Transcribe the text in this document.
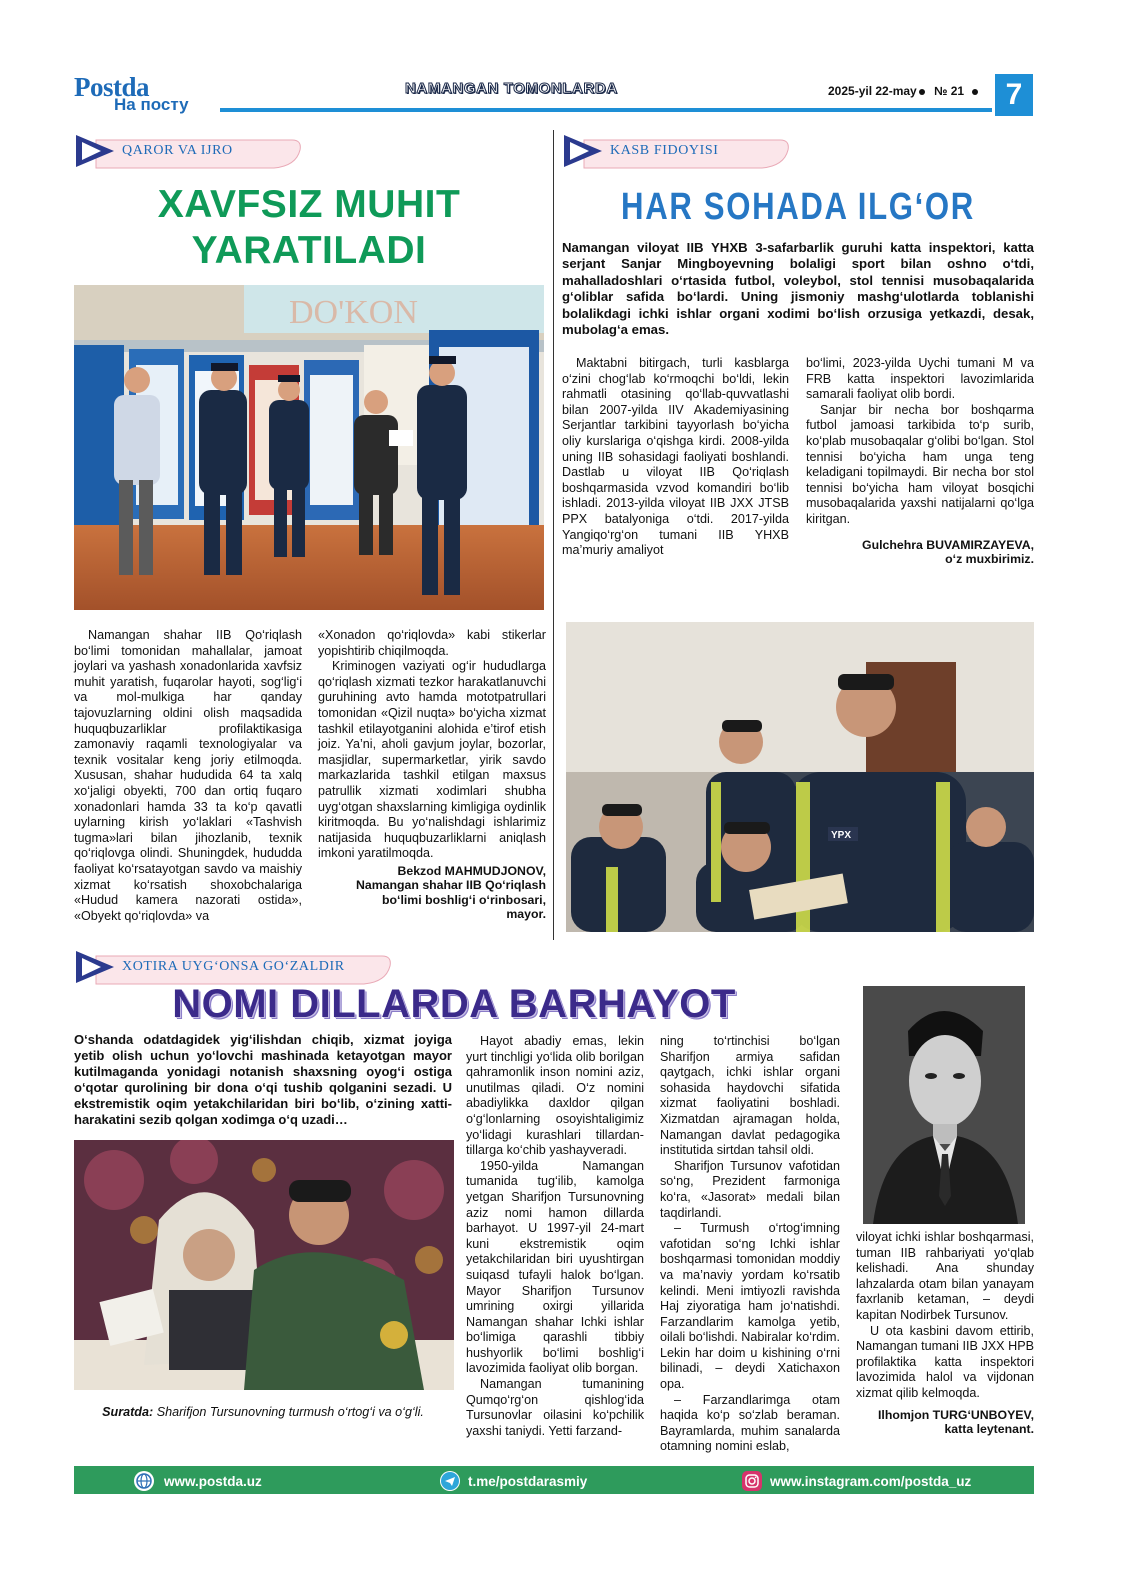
Postda
На посту
NAMANGAN TOMONLARDA	2025-yil 22-may № 21	7
QAROR VA IJRO
XAVFSIZ MUHIT
YARATILADI
DO'KON

Namangan shahar IIB Qo‘riqlash bo‘limi tomonidan mahallalar, jamoat joylari va yashash xonadonlarida xavfsiz muhit yaratish, fuqarolar hayoti, sog‘lig‘i va mol-mulkiga har qanday tajovuzlarning oldini olish maqsadida huquqbuzarliklar profilaktikasiga zamonaviy raqamli texnologiyalar va texnik vositalar keng joriy etilmoqda. Xususan, shahar hududida 64 ta xalq xo‘jaligi obyekti, 700 dan ortiq fuqaro xonadonlari hamda 33 ta ko‘p qavatli uylarning kirish yo‘laklari «Tashvish tugma»lari bilan jihozlanib, texnik qo‘riqlovga olindi. Shuningdek, hududda faoliyat ko‘rsatayotgan savdo va maishiy xizmat ko‘rsatish shoxobchalariga «Hudud kamera nazorati ostida», «Obyekt qo‘riqlovda» va

«Xonadon qo‘riqlovda» kabi stikerlar yopishtirib chiqilmoqda.

Kriminogen vaziyati og‘ir hududlarga qo‘riqlash xizmati tezkor harakatlanuvchi guruhining avto hamda mototpatrullari tomonidan «Qizil nuqta» bo‘yicha xizmat tashkil etilayotganini alohida e’tirof etish joiz. Ya’ni, aholi gavjum joylar, bozorlar, masjidlar, supermarketlar, yirik savdo markazlarida tashkil etilgan maxsus patrullik xizmati xodimlari shubha uyg‘otgan shaxslarning kimligiga oydinlik kiritmoqda. Bu yo‘nalishdagi ishlarimiz natijasida huquqbuzarliklarni aniqlash imkoni yaratilmoqda.

Bekzod MAHMUDJONOV,
Namangan shahar IIB Qo‘riqlash
bo‘limi boshlig‘i o‘rinbosari,
mayor.
KASB FIDOYISI
HAR SOHADA ILG‘OR
Namangan viloyat IIB YHXB 3-safarbarlik guruhi katta inspektori, katta serjant Sanjar Mingboyevning bolaligi sport bilan oshno o‘tdi, mahalladoshlari o‘rtasida futbol, voleybol, stol tennisi musobaqalarida g‘oliblar safida bo‘lardi. Uning jismoniy mashg‘ulotlarda toblanishi bolalikdagi ichki ishlar organi xodimi bo‘lish orzusiga yetkazdi, desak, mubolag‘a emas.

Maktabni bitirgach, turli kasblarga o‘zini chog‘lab ko‘rmoqchi bo‘ldi, lekin rahmatli otasining qo‘llab-quvvatlashi bilan 2007-yilda IIV Akademiyasining Serjantlar tarkibini tayyorlash bo‘yicha oliy kurslariga o‘qishga kirdi. 2008-yilda uning IIB sohasidagi faoliyati boshlandi. Dastlab u viloyat IIB Qo‘riqlash boshqarmasida vzvod komandiri bo‘lib ishladi. 2013-yilda viloyat IIB JXX JTSB PPX batalyoniga o‘tdi. 2017-yilda Yangiqo‘rg‘on tumani IIB YHXB ma’muriy amaliyot

bo‘limi, 2023-yilda Uychi tumani M va FRB katta inspektori lavozimlarida samarali faoliyat olib bordi.

Sanjar bir necha bor boshqarma futbol jamoasi tarkibida to‘p surib, ko‘plab musobaqalar g‘olibi bo‘lgan. Stol tennisi bo‘yicha ham unga teng keladigani topilmaydi. Bir necha bor stol tennisi bo‘yicha ham viloyat bosqichi musobaqalarida yaxshi natijalarni qo‘lga kiritgan.

Gulchehra BUVAMIRZAYEVA,
o‘z muxbirimiz.
YPX
XOTIRA UYG‘ONSA GO‘ZALDIR
NOMI DILLARDA BARHAYOT
O‘shanda odatdagidek yig‘ilishdan chiqib, xizmat joyiga yetib olish uchun yo‘lovchi mashinada ketayotgan mayor kutilmaganda yonidagi notanish shaxsning oyog‘i ostiga o‘qotar qurolining bir dona o‘qi tushib qolganini sezadi. U ekstremistik oqim yetakchilaridan biri bo‘lib, o‘zining xatti-harakatini sezib qolgan xodimga o‘q uzadi…
Suratda: Sharifjon Tursunovning turmush o‘rtog‘i va o‘g‘li.

Hayot abadiy emas, lekin yurt tinchligi yo‘lida olib borilgan qahramonlik inson nomini aziz, unutilmas qiladi. O‘z nomini abadiylikka daxldor qilgan o‘g‘lonlarning osoyishtaligimiz yo‘lidagi kurashlari tillardan-tillarga ko‘chib yashayveradi.

1950-yilda Namangan tumanida tug‘ilib, kamolga yetgan Sharifjon Tursunovning aziz nomi hamon dillarda barhayot. U 1997-yil 24-mart kuni ekstremistik oqim yetakchilaridan biri uyushtirgan suiqasd tufayli halok bo‘lgan. Mayor Sharifjon Tursunov umrining oxirgi yillarida Namangan shahar Ichki ishlar bo‘limiga qarashli tibbiy hushyorlik bo‘limi boshlig‘i lavozimida faoliyat olib borgan.

Namangan tumanining Qumqo‘rg‘on qishlog‘ida Tursunovlar oilasini ko‘pchilik yaxshi taniydi. Yetti farzand-

ning to‘rtinchisi bo‘lgan Sharifjon armiya safidan qaytgach, ichki ishlar organi sohasida haydovchi sifatida xizmat faoliyatini boshladi. Xizmatdan ajramagan holda, Namangan davlat pedagogika institutida sirtdan tahsil oldi.

Sharifjon Tursunov vafotidan so‘ng, Prezident farmoniga ko‘ra, «Jasorat» medali bilan taqdirlandi.

– Turmush o‘rtog‘imning vafotidan so‘ng Ichki ishlar boshqarmasi tomonidan moddiy va ma’naviy yordam ko‘rsatib kelindi. Meni imtiyozli ravishda Haj ziyoratiga ham jo‘natishdi. Farzandlarim kamolga yetib, oilali bo‘lishdi. Nabiralar ko‘rdim. Lekin har doim u kishining o‘rni bilinadi, – deydi Xatichaxon opa.

– Farzandlarimga otam haqida ko‘p so‘zlab beraman. Bayramlarda, muhim sanalarda otamning nomini eslab,

viloyat ichki ishlar boshqarmasi, tuman IIB rahbariyati yo‘qlab kelishadi. Ana shunday lahzalarda otam bilan yanayam faxrlanib ketaman, – deydi kapitan Nodirbek Tursunov.

U ota kasbini davom ettirib, Namangan tumani IIB JXX HPB profilaktika katta inspektori lavozimida halol va vijdonan xizmat qilib kelmoqda.

Ilhomjon TURG‘UNBOYEV,
katta leytenant.
www.postda.uz	t.me/postdarasmiy	www.instagram.com/postda_uz
